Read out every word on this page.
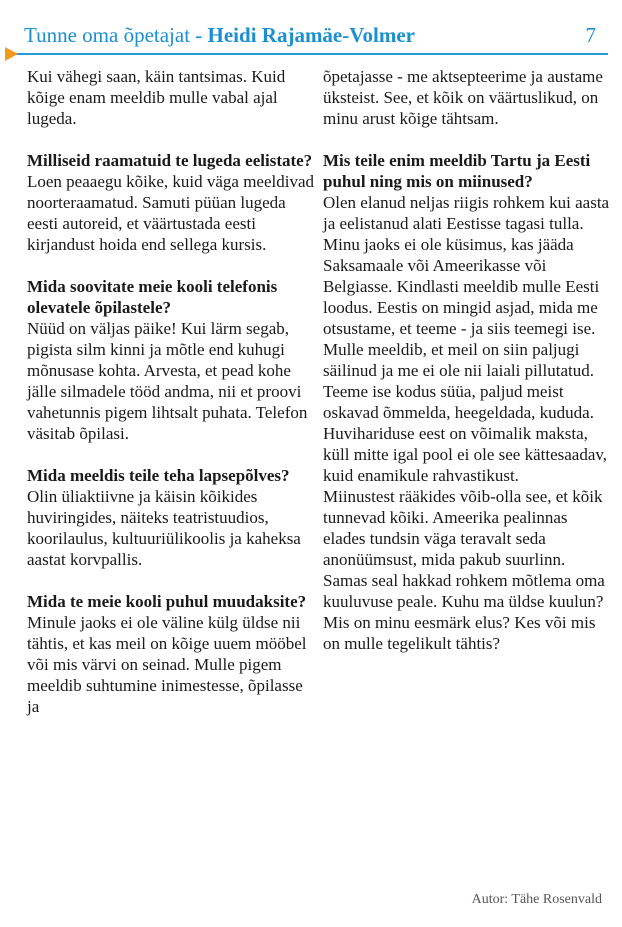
Tunne oma õpetajat - Heidi Rajamäe-Volmer	7

Kui vähegi saan, käin tantsimas. Kuid kõige enam meeldib mulle vabal ajal lugeda.

Milliseid raamatuid te lugeda eelistate?

Loen peaaegu kõike, kuid väga meeldivad noorteraamatud. Samuti püüan lugeda eesti autoreid, et väärtustada eesti kirjandust hoida end sellega kursis.

Mida soovitate meie kooli telefonis olevatele õpilastele?

Nüüd on väljas päike! Kui lärm segab, pigista silm kinni ja mõtle end kuhugi mõnusase kohta. Arvesta, et pead kohe jälle silmadele tööd andma, nii et proovi vahetunnis pigem lihtsalt puhata. Telefon väsitab õpilasi.

Mida meeldis teile teha lapsepõlves?

Olin üliaktiivne ja käisin kõikides huviringides, näiteks teatristuudios, koorilaulus, kultuuriülikoolis ja kaheksa aastat korvpallis.

Mida te meie kooli puhul muudaksite?

Minule jaoks ei ole väline külg üldse nii tähtis, et kas meil on kõige uuem mööbel või mis värvi on seinad. Mulle pigem meeldib suhtumine inimestesse, õpilasse ja

õpetajasse - me aktsepteerime ja austame üksteist. See, et kõik on väärtuslikud, on minu arust kõige tähtsam.

Mis teile enim meeldib Tartu ja Eesti puhul ning mis on miinused?

Olen elanud neljas riigis rohkem kui aasta ja eelistanud alati Eestisse tagasi tulla. Minu jaoks ei ole küsimus, kas jääda Saksamaale või Ameerikasse või Belgiasse. Kindlasti meeldib mulle Eesti loodus. Eestis on mingid asjad, mida me otsustame, et teeme - ja siis teemegi ise. Mulle meeldib, et meil on siin paljugi säilinud ja me ei ole nii laiali pillutatud. Teeme ise kodus süüa, paljud meist oskavad õmmelda, heegeldada, kududa. Huvihariduse eest on võimalik maksta, küll mitte igal pool ei ole see kättesaadav, kuid enamikule rahvastikust.

Miinustest rääkides võib-olla see, et kõik tunnevad kõiki. Ameerika pealinnas elades tundsin väga teravalt seda anonüümsust, mida pakub suurlinn. Samas seal hakkad rohkem mõtlema oma kuuluvuse peale. Kuhu ma üldse kuulun? Mis on minu eesmärk elus? Kes või mis on mulle tegelikult tähtis?

Autor: Tähe Rosenvald
